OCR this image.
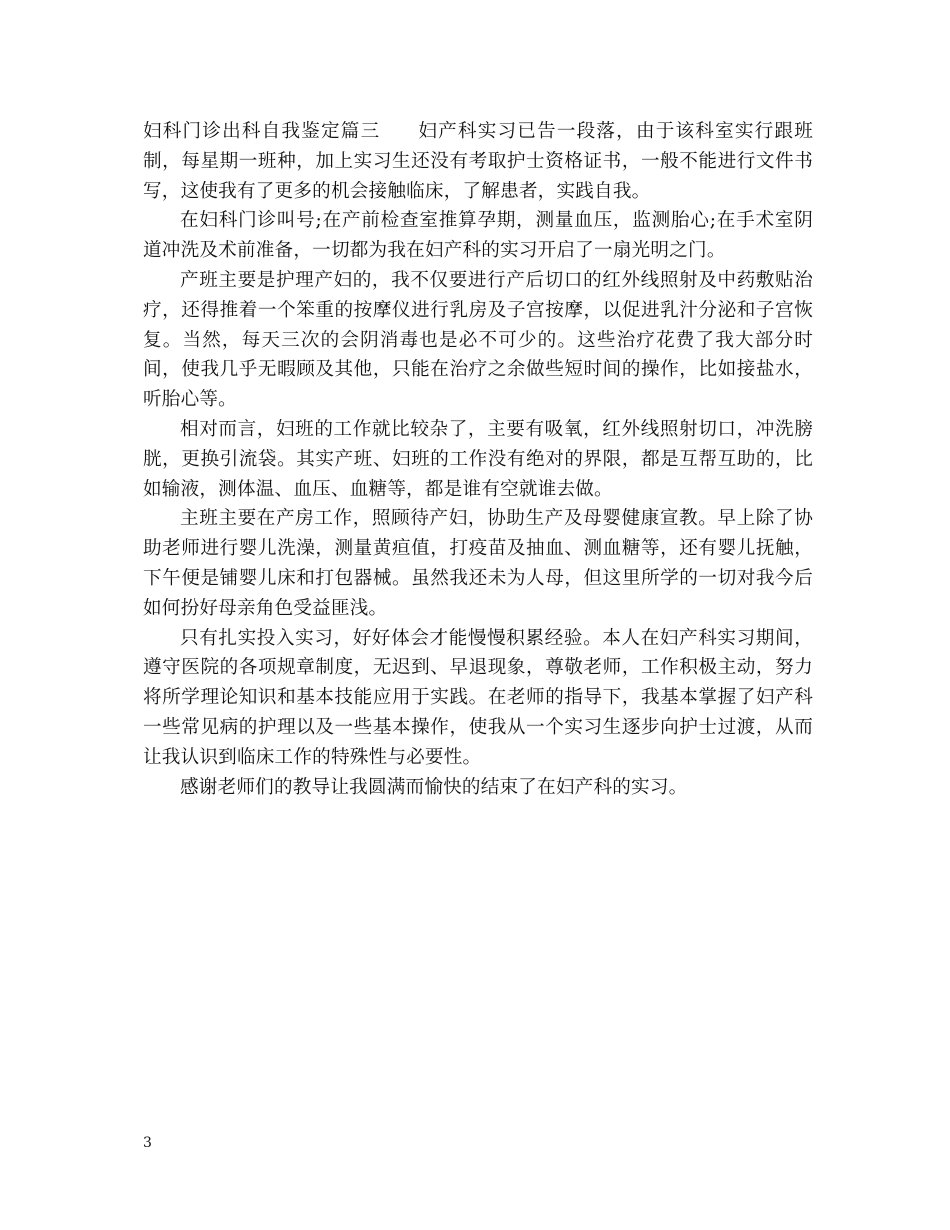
妇科门诊出科自我鉴定篇三 妇产科实习已告一段落，由于该科室实行跟班制，每星期一班种，加上实习生还没有考取护士资格证书，一般不能进行文件书写，这使我有了更多的机会接触临床，了解患者，实践自我。

在妇科门诊叫号;在产前检查室推算孕期，测量血压，监测胎心;在手术室阴道冲洗及术前准备，一切都为我在妇产科的实习开启了一扇光明之门。

产班主要是护理产妇的，我不仅要进行产后切口的红外线照射及中药敷贴治疗，还得推着一个笨重的按摩仪进行乳房及子宫按摩，以促进乳汁分泌和子宫恢复。当然，每天三次的会阴消毒也是必不可少的。这些治疗花费了我大部分时间，使我几乎无暇顾及其他，只能在治疗之余做些短时间的操作，比如接盐水，听胎心等。

相对而言，妇班的工作就比较杂了，主要有吸氧，红外线照射切口，冲洗膀胱，更换引流袋。其实产班、妇班的工作没有绝对的界限，都是互帮互助的，比如输液，测体温、血压、血糖等，都是谁有空就谁去做。

主班主要在产房工作，照顾待产妇，协助生产及母婴健康宣教。早上除了协助老师进行婴儿洗澡，测量黄疸值，打疫苗及抽血、测血糖等，还有婴儿抚触，下午便是铺婴儿床和打包器械。虽然我还未为人母，但这里所学的一切对我今后如何扮好母亲角色受益匪浅。

只有扎实投入实习，好好体会才能慢慢积累经验。本人在妇产科实习期间，遵守医院的各项规章制度，无迟到、早退现象，尊敬老师，工作积极主动，努力将所学理论知识和基本技能应用于实践。在老师的指导下，我基本掌握了妇产科一些常见病的护理以及一些基本操作，使我从一个实习生逐步向护士过渡，从而让我认识到临床工作的特殊性与必要性。

感谢老师们的教导让我圆满而愉快的结束了在妇产科的实习。

3
